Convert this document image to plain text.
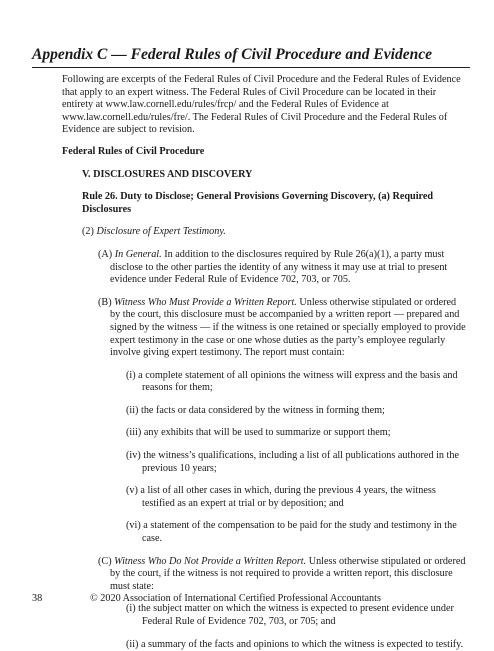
Appendix C — Federal Rules of Civil Procedure and Evidence

Following are excerpts of the Federal Rules of Civil Procedure and the Federal Rules of Evidence that apply to an expert witness. The Federal Rules of Civil Procedure can be located in their entirety at www.law.cornell.edu/rules/frcp/ and the Federal Rules of Evidence at www.law.cornell.edu/rules/fre/. The Federal Rules of Civil Procedure and the Federal Rules of Evidence are subject to revision.

Federal Rules of Civil Procedure

V. DISCLOSURES AND DISCOVERY

Rule 26. Duty to Disclose; General Provisions Governing Discovery, (a) Required Disclosures

(2) Disclosure of Expert Testimony.

(A) In General. In addition to the disclosures required by Rule 26(a)(1), a party must disclose to the other parties the identity of any witness it may use at trial to present evidence under Federal Rule of Evidence 702, 703, or 705.

(B) Witness Who Must Provide a Written Report. Unless otherwise stipulated or ordered by the court, this disclosure must be accompanied by a written report — prepared and signed by the witness — if the witness is one retained or specially employed to provide expert testimony in the case or one whose duties as the party’s employee regularly involve giving expert testimony. The report must contain:

(i) a complete statement of all opinions the witness will express and the basis and reasons for them;

(ii) the facts or data considered by the witness in forming them;

(iii) any exhibits that will be used to summarize or support them;

(iv) the witness’s qualifications, including a list of all publications authored in the previous 10 years;

(v) a list of all other cases in which, during the previous 4 years, the witness testified as an expert at trial or by deposition; and

(vi) a statement of the compensation to be paid for the study and testimony in the case.

(C) Witness Who Do Not Provide a Written Report. Unless otherwise stipulated or ordered by the court, if the witness is not required to provide a written report, this disclosure must state:

(i) the subject matter on which the witness is expected to present evidence under Federal Rule of Evidence 702, 703, or 705; and

(ii) a summary of the facts and opinions to which the witness is expected to testify.

38	© 2020 Association of International Certified Professional Accountants
